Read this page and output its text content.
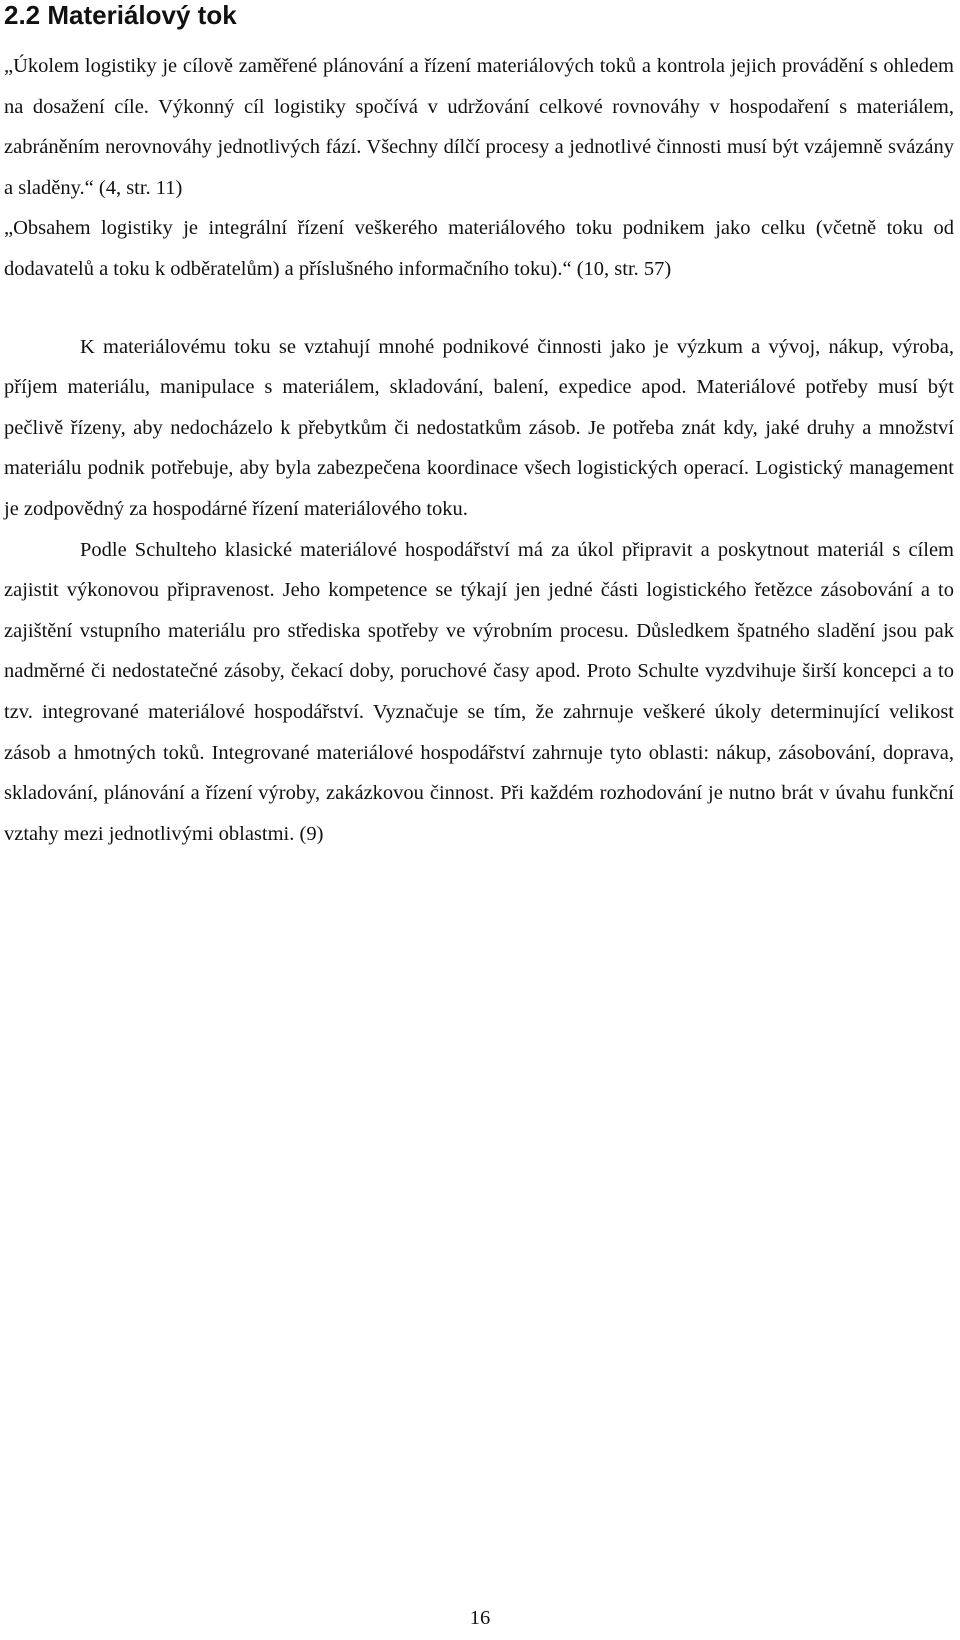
2.2 Materiálový tok

„Úkolem logistiky je cílově zaměřené plánování a řízení materiálových toků a kontrola jejich provádění s ohledem na dosažení cíle. Výkonný cíl logistiky spočívá v udržování celkové rovnováhy v hospodaření s materiálem, zabráněním nerovnováhy jednotlivých fází. Všechny dílčí procesy a jednotlivé činnosti musí být vzájemně svázány a sladěny.“ (4, str. 11)

„Obsahem logistiky je integrální řízení veškerého materiálového toku podnikem jako celku (včetně toku od dodavatelů a toku k odběratelům) a příslušného informačního toku).“ (10, str. 57)

K materiálovému toku se vztahují mnohé podnikové činnosti jako je výzkum a vývoj, nákup, výroba, příjem materiálu, manipulace s materiálem, skladování, balení, expedice apod. Materiálové potřeby musí být pečlivě řízeny, aby nedocházelo k přebytkům či nedostatkům zásob. Je potřeba znát kdy, jaké druhy a množství materiálu podnik potřebuje, aby byla zabezpečena koordinace všech logistických operací. Logistický management je zodpovědný za hospodárné řízení materiálového toku.

Podle Schulteho klasické materiálové hospodářství má za úkol připravit a poskytnout materiál s cílem zajistit výkonovou připravenost. Jeho kompetence se týkají jen jedné části logistického řetězce zásobování a to zajištění vstupního materiálu pro střediska spotřeby ve výrobním procesu. Důsledkem špatného sladění jsou pak nadměrné či nedostatečné zásoby, čekací doby, poruchové časy apod. Proto Schulte vyzdvihuje širší koncepci a to tzv. integrované materiálové hospodářství. Vyznačuje se tím, že zahrnuje veškeré úkoly determinující velikost zásob a hmotných toků. Integrované materiálové hospodářství zahrnuje tyto oblasti: nákup, zásobování, doprava, skladování, plánování a řízení výroby, zakázkovou činnost. Při každém rozhodování je nutno brát v úvahu funkční vztahy mezi jednotlivými oblastmi. (9)

16
